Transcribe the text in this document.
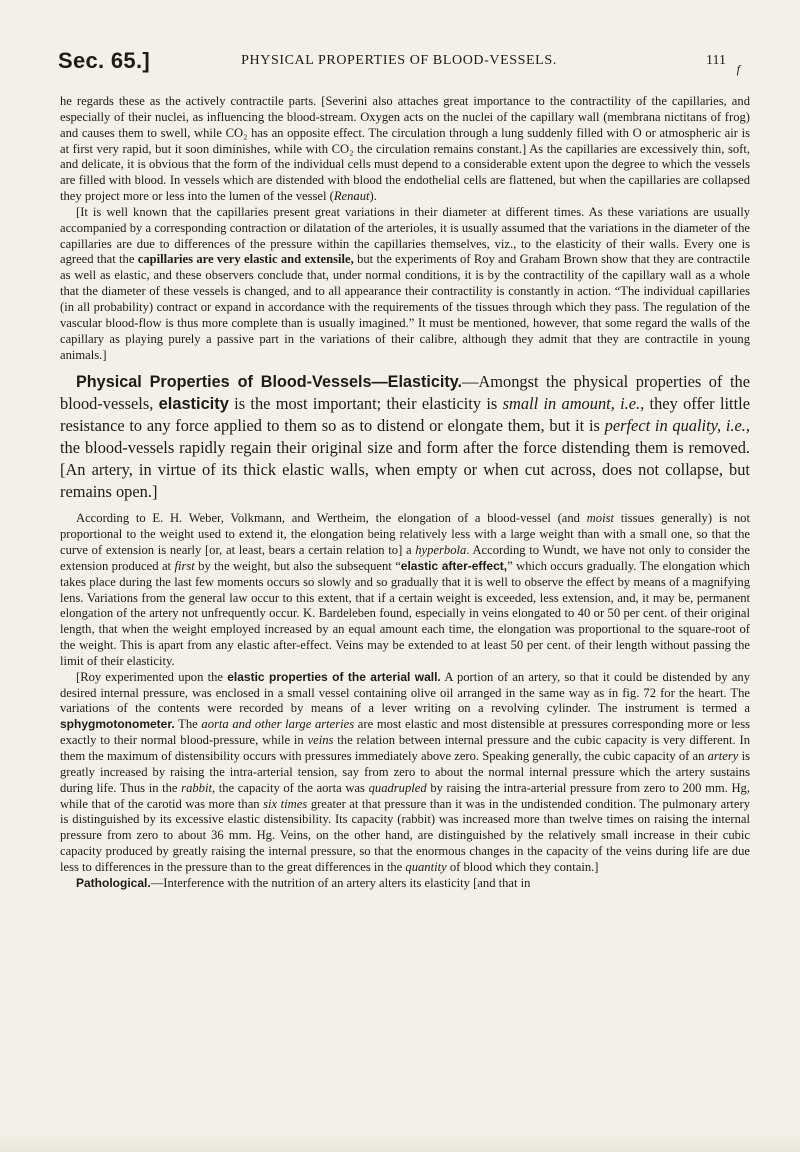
Sec. 65.]	PHYSICAL PROPERTIES OF BLOOD-VESSELS.	111
f

he regards these as the actively contractile parts. [Severini also attaches great importance to the contractility of the capillaries, and especially of their nuclei, as influencing the blood-stream. Oxygen acts on the nuclei of the capillary wall (membrana nictitans of frog) and causes them to swell, while CO₂ has an opposite effect. The circulation through a lung suddenly filled with O or atmospheric air is at first very rapid, but it soon diminishes, while with CO₂ the circulation remains constant.] As the capillaries are excessively thin, soft, and delicate, it is obvious that the form of the individual cells must depend to a considerable extent upon the degree to which the vessels are filled with blood. In vessels which are distended with blood the endothelial cells are flattened, but when the capillaries are collapsed they project more or less into the lumen of the vessel (Renaut).

[It is well known that the capillaries present great variations in their diameter at different times. As these variations are usually accompanied by a corresponding contraction or dilatation of the arterioles, it is usually assumed that the variations in the diameter of the capillaries are due to differences of the pressure within the capillaries themselves, viz., to the elasticity of their walls. Every one is agreed that the capillaries are very elastic and extensile, but the experiments of Roy and Graham Brown show that they are contractile as well as elastic, and these observers conclude that, under normal conditions, it is by the contractility of the capillary wall as a whole that the diameter of these vessels is changed, and to all appearance their contractility is constantly in action. “The individual capillaries (in all probability) contract or expand in accordance with the requirements of the tissues through which they pass. The regulation of the vascular blood-flow is thus more complete than is usually imagined.” It must be mentioned, however, that some regard the walls of the capillary as playing purely a passive part in the variations of their calibre, although they admit that they are contractile in young animals.]

Physical Properties of Blood-Vessels—Elasticity.—Amongst the physical properties of the blood-vessels, elasticity is the most important; their elasticity is small in amount, i.e., they offer little resistance to any force applied to them so as to distend or elongate them, but it is perfect in quality, i.e., the blood-vessels rapidly regain their original size and form after the force distending them is removed. [An artery, in virtue of its thick elastic walls, when empty or when cut across, does not collapse, but remains open.]

According to E. H. Weber, Volkmann, and Wertheim, the elongation of a blood-vessel (and moist tissues generally) is not proportional to the weight used to extend it, the elongation being relatively less with a large weight than with a small one, so that the curve of extension is nearly [or, at least, bears a certain relation to] a hyperbola. According to Wundt, we have not only to consider the extension produced at first by the weight, but also the subsequent “elastic after-effect,” which occurs gradually. The elongation which takes place during the last few moments occurs so slowly and so gradually that it is well to observe the effect by means of a magnifying lens. Variations from the general law occur to this extent, that if a certain weight is exceeded, less extension, and, it may be, permanent elongation of the artery not unfrequently occur. K. Bardeleben found, especially in veins elongated to 40 or 50 per cent. of their original length, that when the weight employed increased by an equal amount each time, the elongation was proportional to the square-root of the weight. This is apart from any elastic after-effect. Veins may be extended to at least 50 per cent. of their length without passing the limit of their elasticity.

[Roy experimented upon the elastic properties of the arterial wall. A portion of an artery, so that it could be distended by any desired internal pressure, was enclosed in a small vessel containing olive oil arranged in the same way as in fig. 72 for the heart. The variations of the contents were recorded by means of a lever writing on a revolving cylinder. The instrument is termed a sphygmotonometer. The aorta and other large arteries are most elastic and most distensible at pressures corresponding more or less exactly to their normal blood-pressure, while in veins the relation between internal pressure and the cubic capacity is very different. In them the maximum of distensibility occurs with pressures immediately above zero. Speaking generally, the cubic capacity of an artery is greatly increased by raising the intra-arterial tension, say from zero to about the normal internal pressure which the artery sustains during life. Thus in the rabbit, the capacity of the aorta was quadrupled by raising the intra-arterial pressure from zero to 200 mm. Hg, while that of the carotid was more than six times greater at that pressure than it was in the undistended condition. The pulmonary artery is distinguished by its excessive elastic distensibility. Its capacity (rabbit) was increased more than twelve times on raising the internal pressure from zero to about 36 mm. Hg. Veins, on the other hand, are distinguished by the relatively small increase in their cubic capacity produced by greatly raising the internal pressure, so that the enormous changes in the capacity of the veins during life are due less to differences in the pressure than to the great differences in the quantity of blood which they contain.]

Pathological.—Interference with the nutrition of an artery alters its elasticity [and that in
